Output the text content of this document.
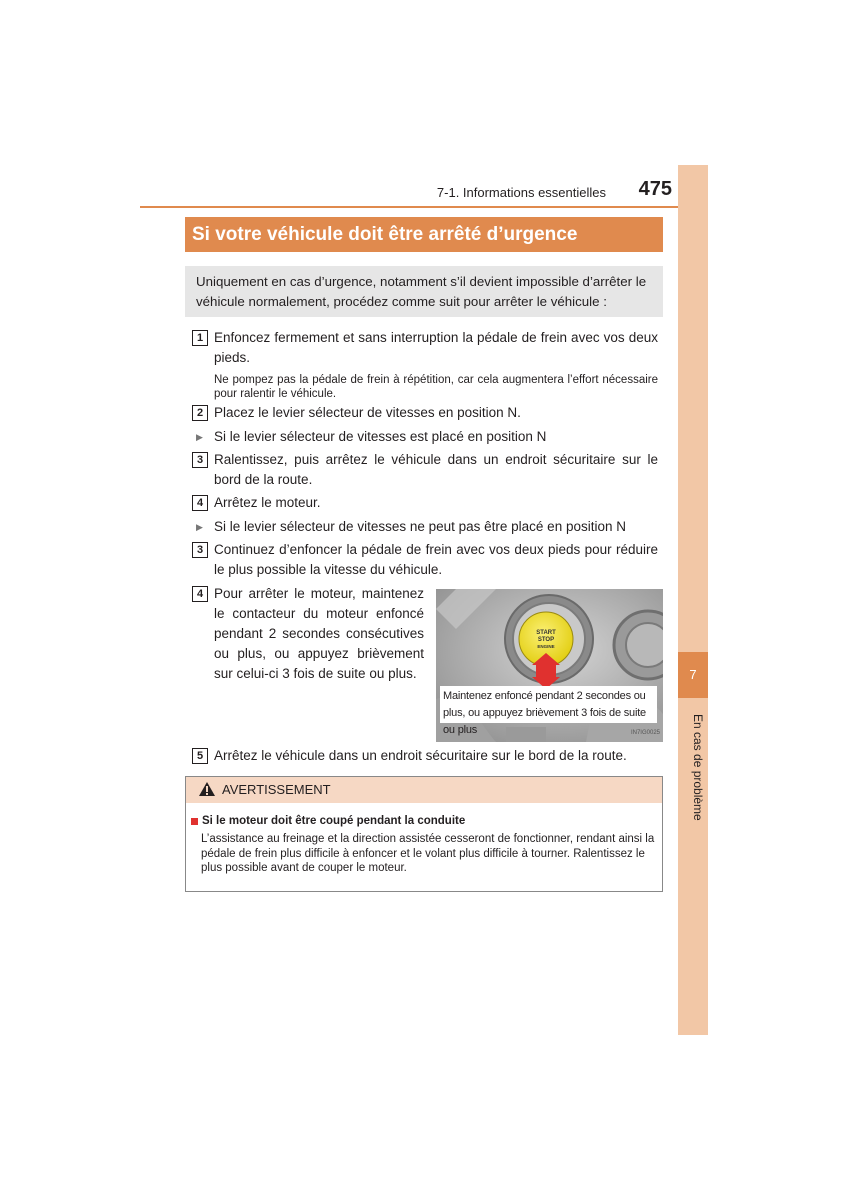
7-1. Informations essentielles	475
7
En cas de problème
Si votre véhicule doit être arrêté d’urgence
Uniquement en cas d’urgence, notamment s’il devient impossible d’arrêter le véhicule normalement, procédez comme suit pour arrêter le véhicule :
1 Enfoncez fermement et sans interruption la pédale de frein avec vos deux pieds.
Ne pompez pas la pédale de frein à répétition, car cela augmentera l’effort nécessaire pour ralentir le véhicule.
2 Placez le levier sélecteur de vitesses en position N.
▶ Si le levier sélecteur de vitesses est placé en position N
3 Ralentissez, puis arrêtez le véhicule dans un endroit sécuritaire sur le bord de la route.
4 Arrêtez le moteur.
▶ Si le levier sélecteur de vitesses ne peut pas être placé en position N
3 Continuez d’enfoncer la pédale de frein avec vos deux pieds pour réduire le plus possible la vitesse du véhicule.
4 Pour arrêter le moteur, maintenez le contacteur du moteur enfoncé pendant 2 secondes consécutives ou plus, ou appuyez brièvement sur celui-ci 3 fois de suite ou plus.
START
STOP
ENGINE
Maintenez enfoncé pendant 2 secondes ou plus, ou appuyez brièvement 3 fois de suite ou plus	IN7IG0025
5 Arrêtez le véhicule dans un endroit sécuritaire sur le bord de la route.
AVERTISSEMENT
Si le moteur doit être coupé pendant la conduite
L’assistance au freinage et la direction assistée cesseront de fonctionner, rendant ainsi la pédale de frein plus difficile à enfoncer et le volant plus difficile à tourner. Ralentissez le plus possible avant de couper le moteur.
